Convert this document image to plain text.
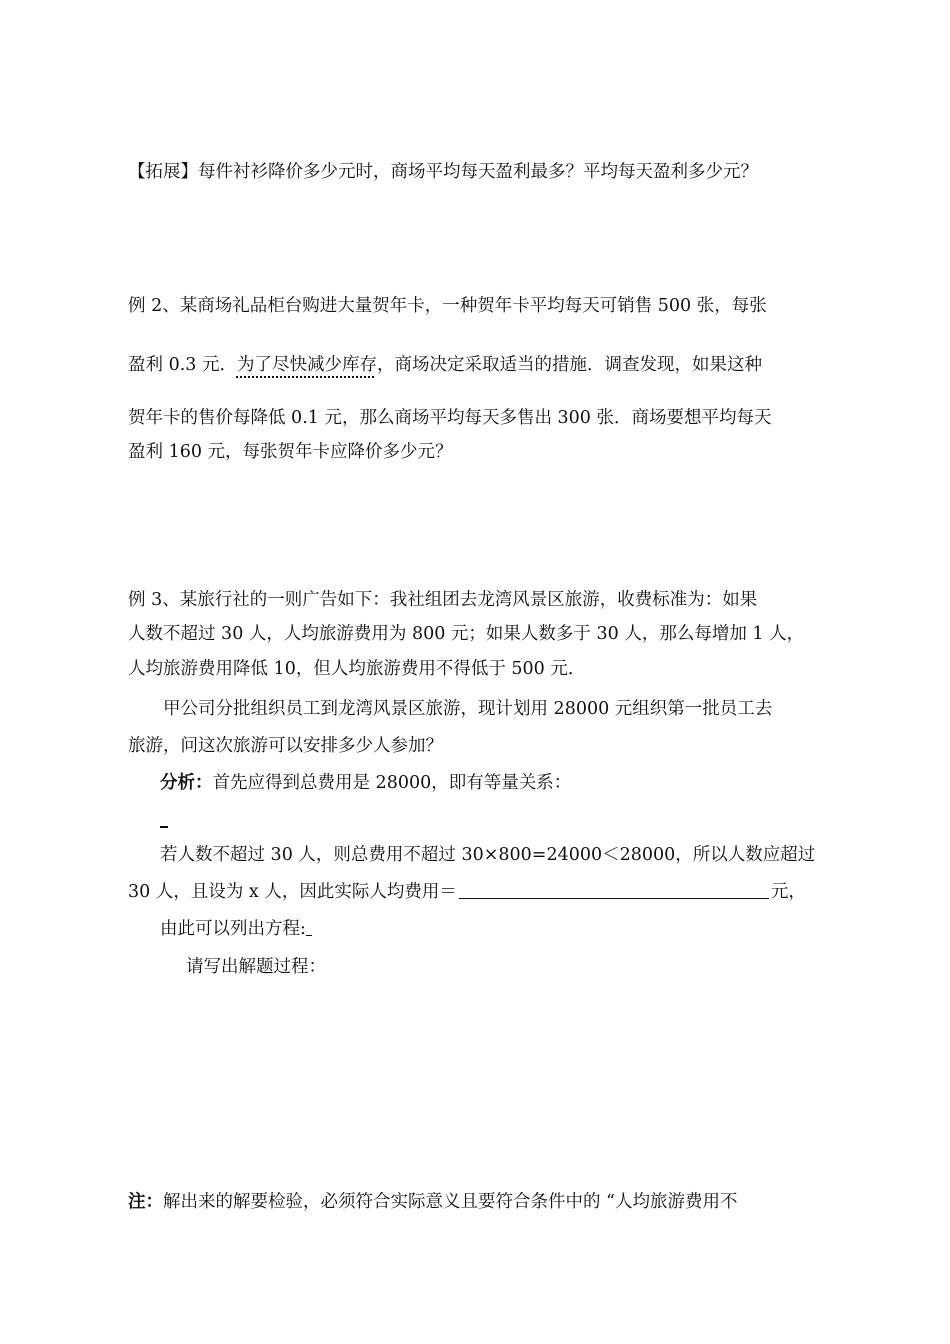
【拓展】每件衬衫降价多少元时，商场平均每天盈利最多？平均每天盈利多少元？
例 2、某商场礼品柜台购进大量贺年卡，一种贺年卡平均每天可销售 500 张，每张
盈利 0.3 元．为了尽快减少库存，商场决定采取适当的措施．调查发现，如果这种
贺年卡的售价每降低 0.1 元，那么商场平均每天多售出 300 张．商场要想平均每天
盈利 160 元，每张贺年卡应降价多少元？
例 3、某旅行社的一则广告如下：我社组团去龙湾风景区旅游，收费标准为：如果
人数不超过 30 人，人均旅游费用为 800 元；如果人数多于 30 人，那么每增加 1 人，
人均旅游费用降低 10，但人均旅游费用不得低于 500 元．
甲公司分批组织员工到龙湾风景区旅游，现计划用 28000 元组织第一批员工去
旅游，问这次旅游可以安排多少人参加？
分析：首先应得到总费用是 28000，即有等量关系：
若人数不超过 30 人，则总费用不超过 30×800=24000＜28000，所以人数应超过
30 人，且设为 x 人，因此实际人均费用＝	元，
由此可以列出方程:
请写出解题过程：
注：解出来的解要检验，必须符合实际意义且要符合条件中的 “人均旅游费用不
